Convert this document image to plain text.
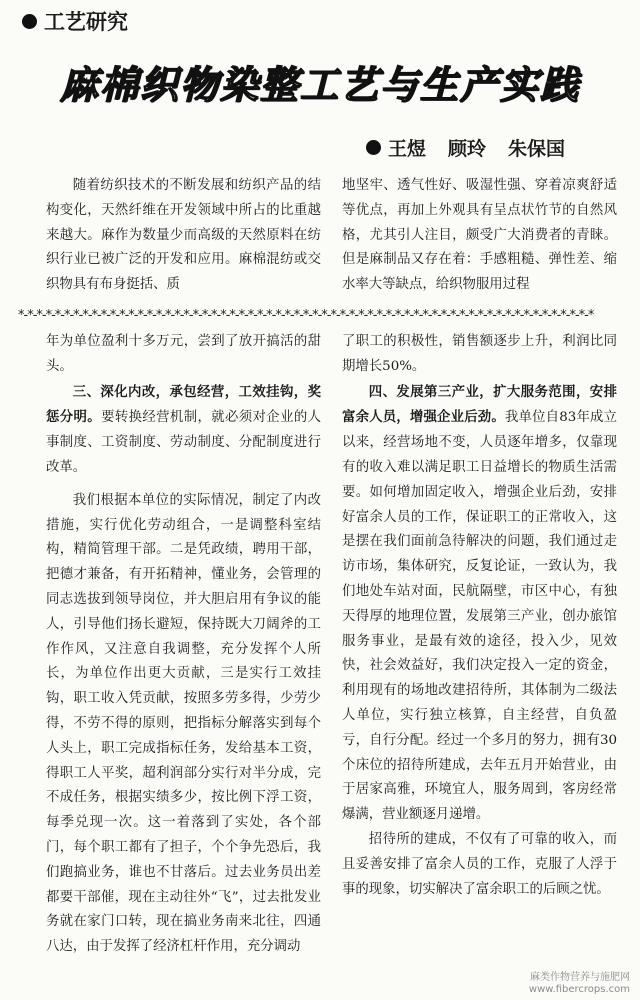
工艺研究
麻棉织物染整工艺与生产实践
王煜 顾玲 朱保国

随着纺织技术的不断发展和纺织产品的结构变化，天然纤维在开发领域中所占的比重越来越大。麻作为数量少而高级的天然原料在纺织行业已被广泛的开发和应用。麻棉混纺或交织物具有布身挺括、质

地坚牢、透气性好、吸湿性强、穿着凉爽舒适等优点，再加上外观具有呈点状竹节的自然风格，尤其引人注目，颇受广大消费者的青睐。但是麻制品又存在着：手感粗糙、弹性差、缩水率大等缺点，给织物服用过程

*-*-*-*-*-*-*-*-*-*-*-*-*-*-*-*-*-*-*-*-*-*-*-*-*-*-*-*-*-*-*-*-*-*-*-*-*-*-*-*-*-*-*-*-*-*-*-*-*-*-*-*-*-*-*-*-*-*-*-*-*-*-*

年为单位盈利十多万元，尝到了放开搞活的甜头。

三、深化内改，承包经营，工效挂钩，奖惩分明。要转换经营机制，就必须对企业的人事制度、工资制度、劳动制度、分配制度进行改革。

我们根据本单位的实际情况，制定了内改措施，实行优化劳动组合，一是调整科室结构，精简管理干部。二是凭政绩，聘用干部，把德才兼备，有开拓精神，懂业务，会管理的同志选拔到领导岗位，并大胆启用有争议的能人，引导他们扬长避短，保持既大刀阔斧的工作作风，又注意自我调整，充分发挥个人所长，为单位作出更大贡献，三是实行工效挂钩，职工收入凭贡献，按照多劳多得，少劳少得，不劳不得的原则，把指标分解落实到每个人头上，职工完成指标任务，发给基本工资，得职工人平奖，超利润部分实行对半分成，完不成任务，根据实绩多少，按比例下浮工资，每季兑现一次。这一着落到了实处，各个部门，每个职工都有了担子，个个争先恐后，我们跑搞业务，谁也不甘落后。过去业务员出差都要干部催，现在主动往外“飞”，过去批发业务就在家门口转，现在搞业务南来北往，四通八达，由于发挥了经济杠杆作用，充分调动

了职工的积极性，销售额逐步上升，利润比同期增长50%。

四、发展第三产业，扩大服务范围，安排富余人员，增强企业后劲。我单位自83年成立以来，经营场地不变，人员逐年增多，仅靠现有的收入难以满足职工日益增长的物质生活需要。如何增加固定收入，增强企业后劲，安排好富余人员的工作，保证职工的正常收入，这是摆在我们面前急待解决的问题，我们通过走访市场，集体研究，反复论证，一致认为，我们地处车站对面，民航隔壁，市区中心，有独天得厚的地理位置，发展第三产业，创办旅馆服务事业，是最有效的途径，投入少，见效快，社会效益好，我们决定投入一定的资金，利用现有的场地改建招待所，其体制为二级法人单位，实行独立核算，自主经营，自负盈亏，自行分配。经过一个多月的努力，拥有30个床位的招待所建成，去年五月开始营业，由于居家高雅，环境宜人，服务周到，客房经常爆满，营业额逐月递增。

招待所的建成，不仅有了可靠的收入，而且妥善安排了富余人员的工作，克服了人浮于事的现象，切实解决了富余职工的后顾之忧。

麻类作物营养与施肥网
www.fibercrops.com
